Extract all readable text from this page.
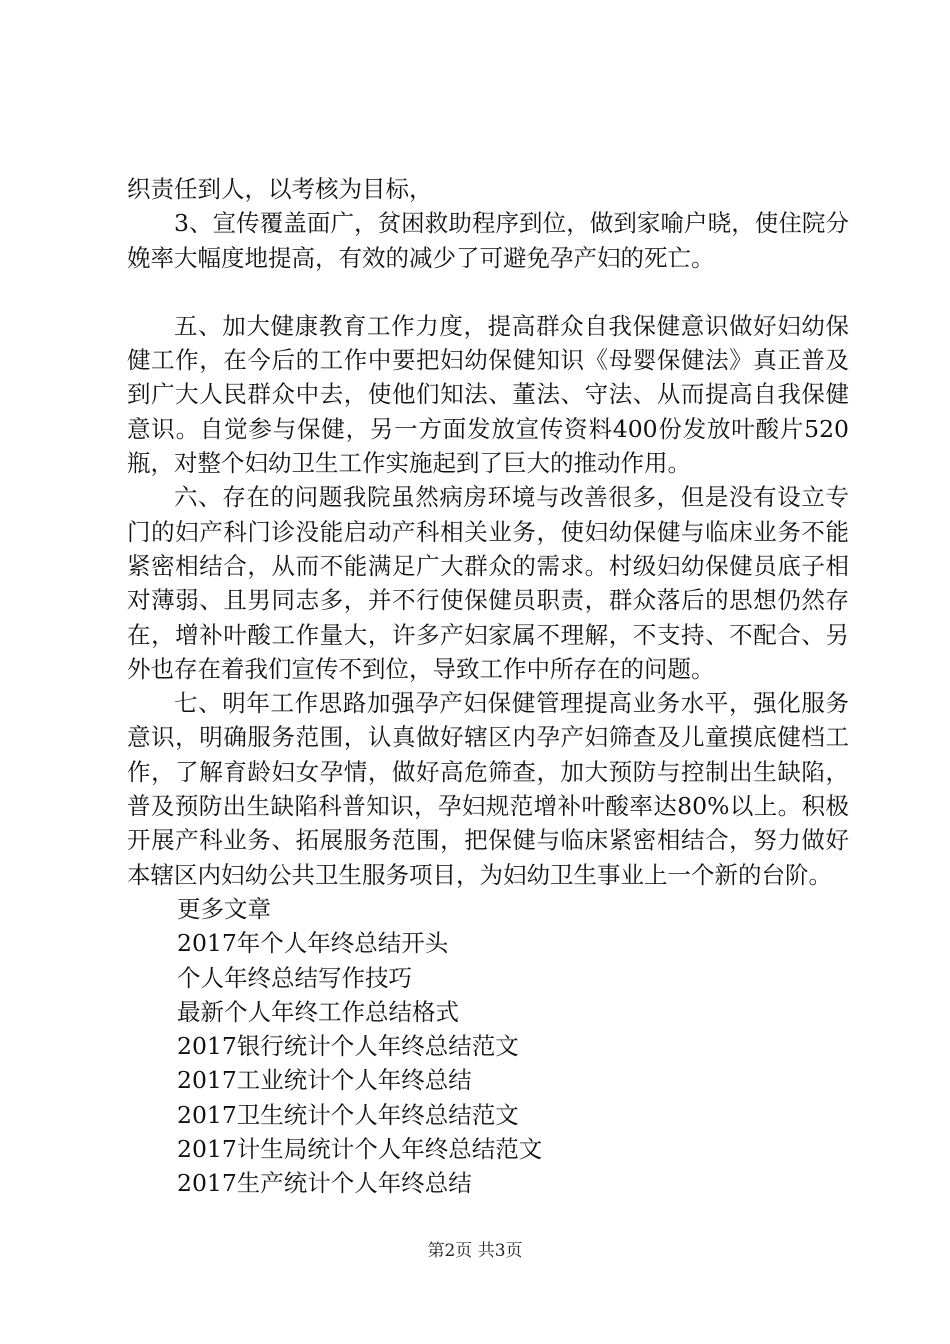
织责任到人，以考核为目标，

3、宣传覆盖面广，贫困救助程序到位，做到家喻户晓，使住院分娩率大幅度地提高，有效的减少了可避免孕产妇的死亡。

五、加大健康教育工作力度，提高群众自我保健意识做好妇幼保健工作，在今后的工作中要把妇幼保健知识《母婴保健法》真正普及到广大人民群众中去，使他们知法、董法、守法、从而提高自我保健意识。自觉参与保健，另一方面发放宣传资料400份发放叶酸片520瓶，对整个妇幼卫生工作实施起到了巨大的推动作用。

六、存在的问题我院虽然病房环境与改善很多，但是没有设立专门的妇产科门诊没能启动产科相关业务，使妇幼保健与临床业务不能紧密相结合，从而不能满足广大群众的需求。村级妇幼保健员底子相对薄弱、且男同志多，并不行使保健员职责，群众落后的思想仍然存在，增补叶酸工作量大，许多产妇家属不理解，不支持、不配合、另外也存在着我们宣传不到位，导致工作中所存在的问题。

七、明年工作思路加强孕产妇保健管理提高业务水平，强化服务意识，明确服务范围，认真做好辖区内孕产妇筛查及儿童摸底健档工作，了解育龄妇女孕情，做好高危筛查，加大预防与控制出生缺陷，普及预防出生缺陷科普知识，孕妇规范增补叶酸率达80%以上。积极开展产科业务、拓展服务范围，把保健与临床紧密相结合，努力做好本辖区内妇幼公共卫生服务项目，为妇幼卫生事业上一个新的台阶。

更多文章

2017年个人年终总结开头
个人年终总结写作技巧
最新个人年终工作总结格式
2017银行统计个人年终总结范文
2017工业统计个人年终总结
2017卫生统计个人年终总结范文
2017计生局统计个人年终总结范文
2017生产统计个人年终总结
第2页 共3页
